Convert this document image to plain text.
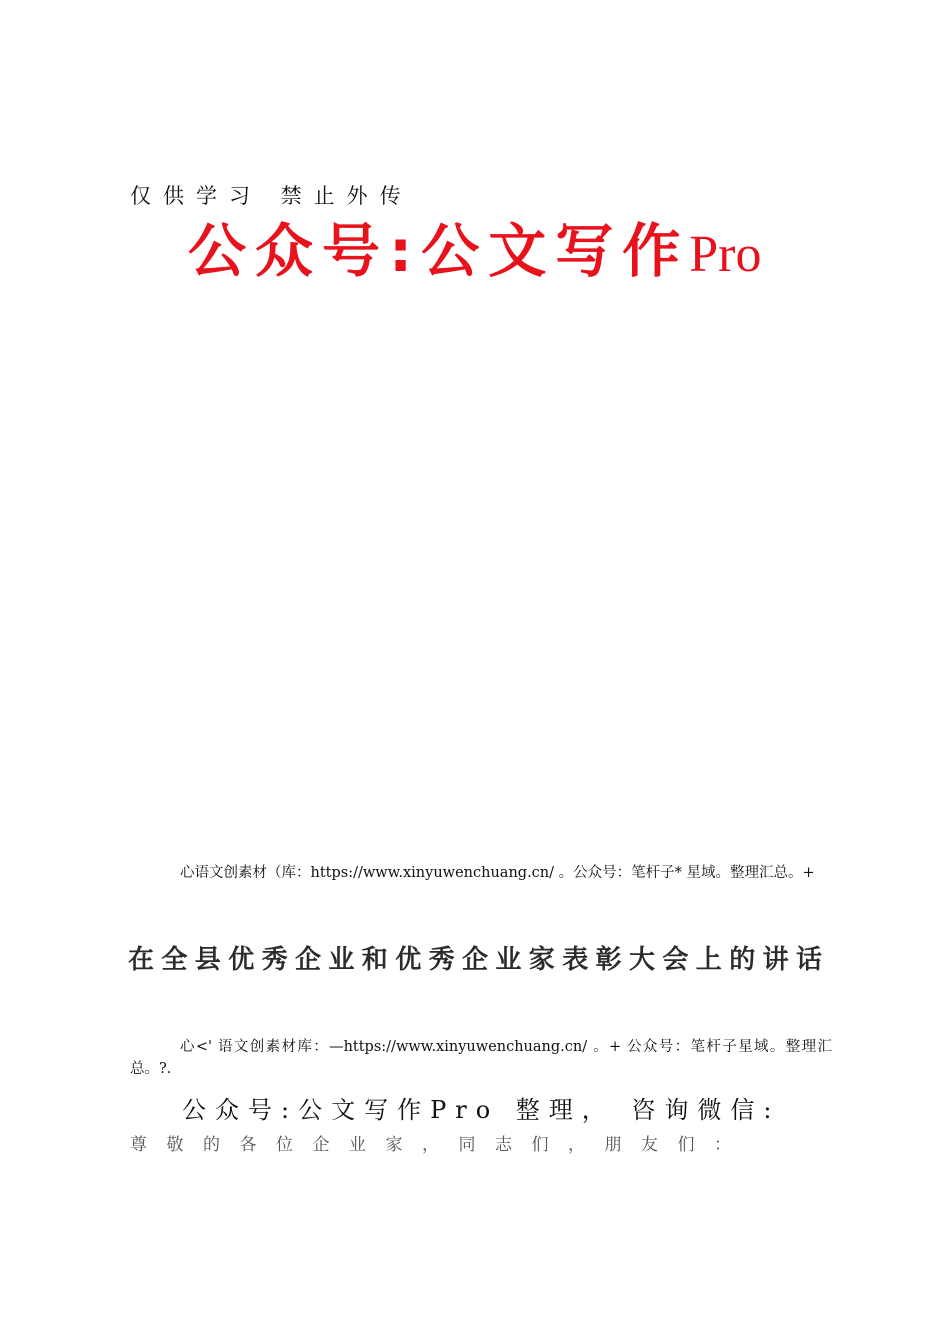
仅供学习 禁止外传
公众号:公文写作Pro
心语文创素材（库：https://www.xinyuwenchuang.cn/ 。公众号：笔杆子* 星域。整理汇总。+
在全县优秀企业和优秀企业家表彰大会上的讲话
心<' 语文创素材库：—https://www.xinyuwenchuang.cn/ 。+ 公众号：笔杆子星域。整理汇总。?.
公众号:公文写作Pro 整理， 咨询微信:
尊敬的各位企业家，同志们，朋友们：
